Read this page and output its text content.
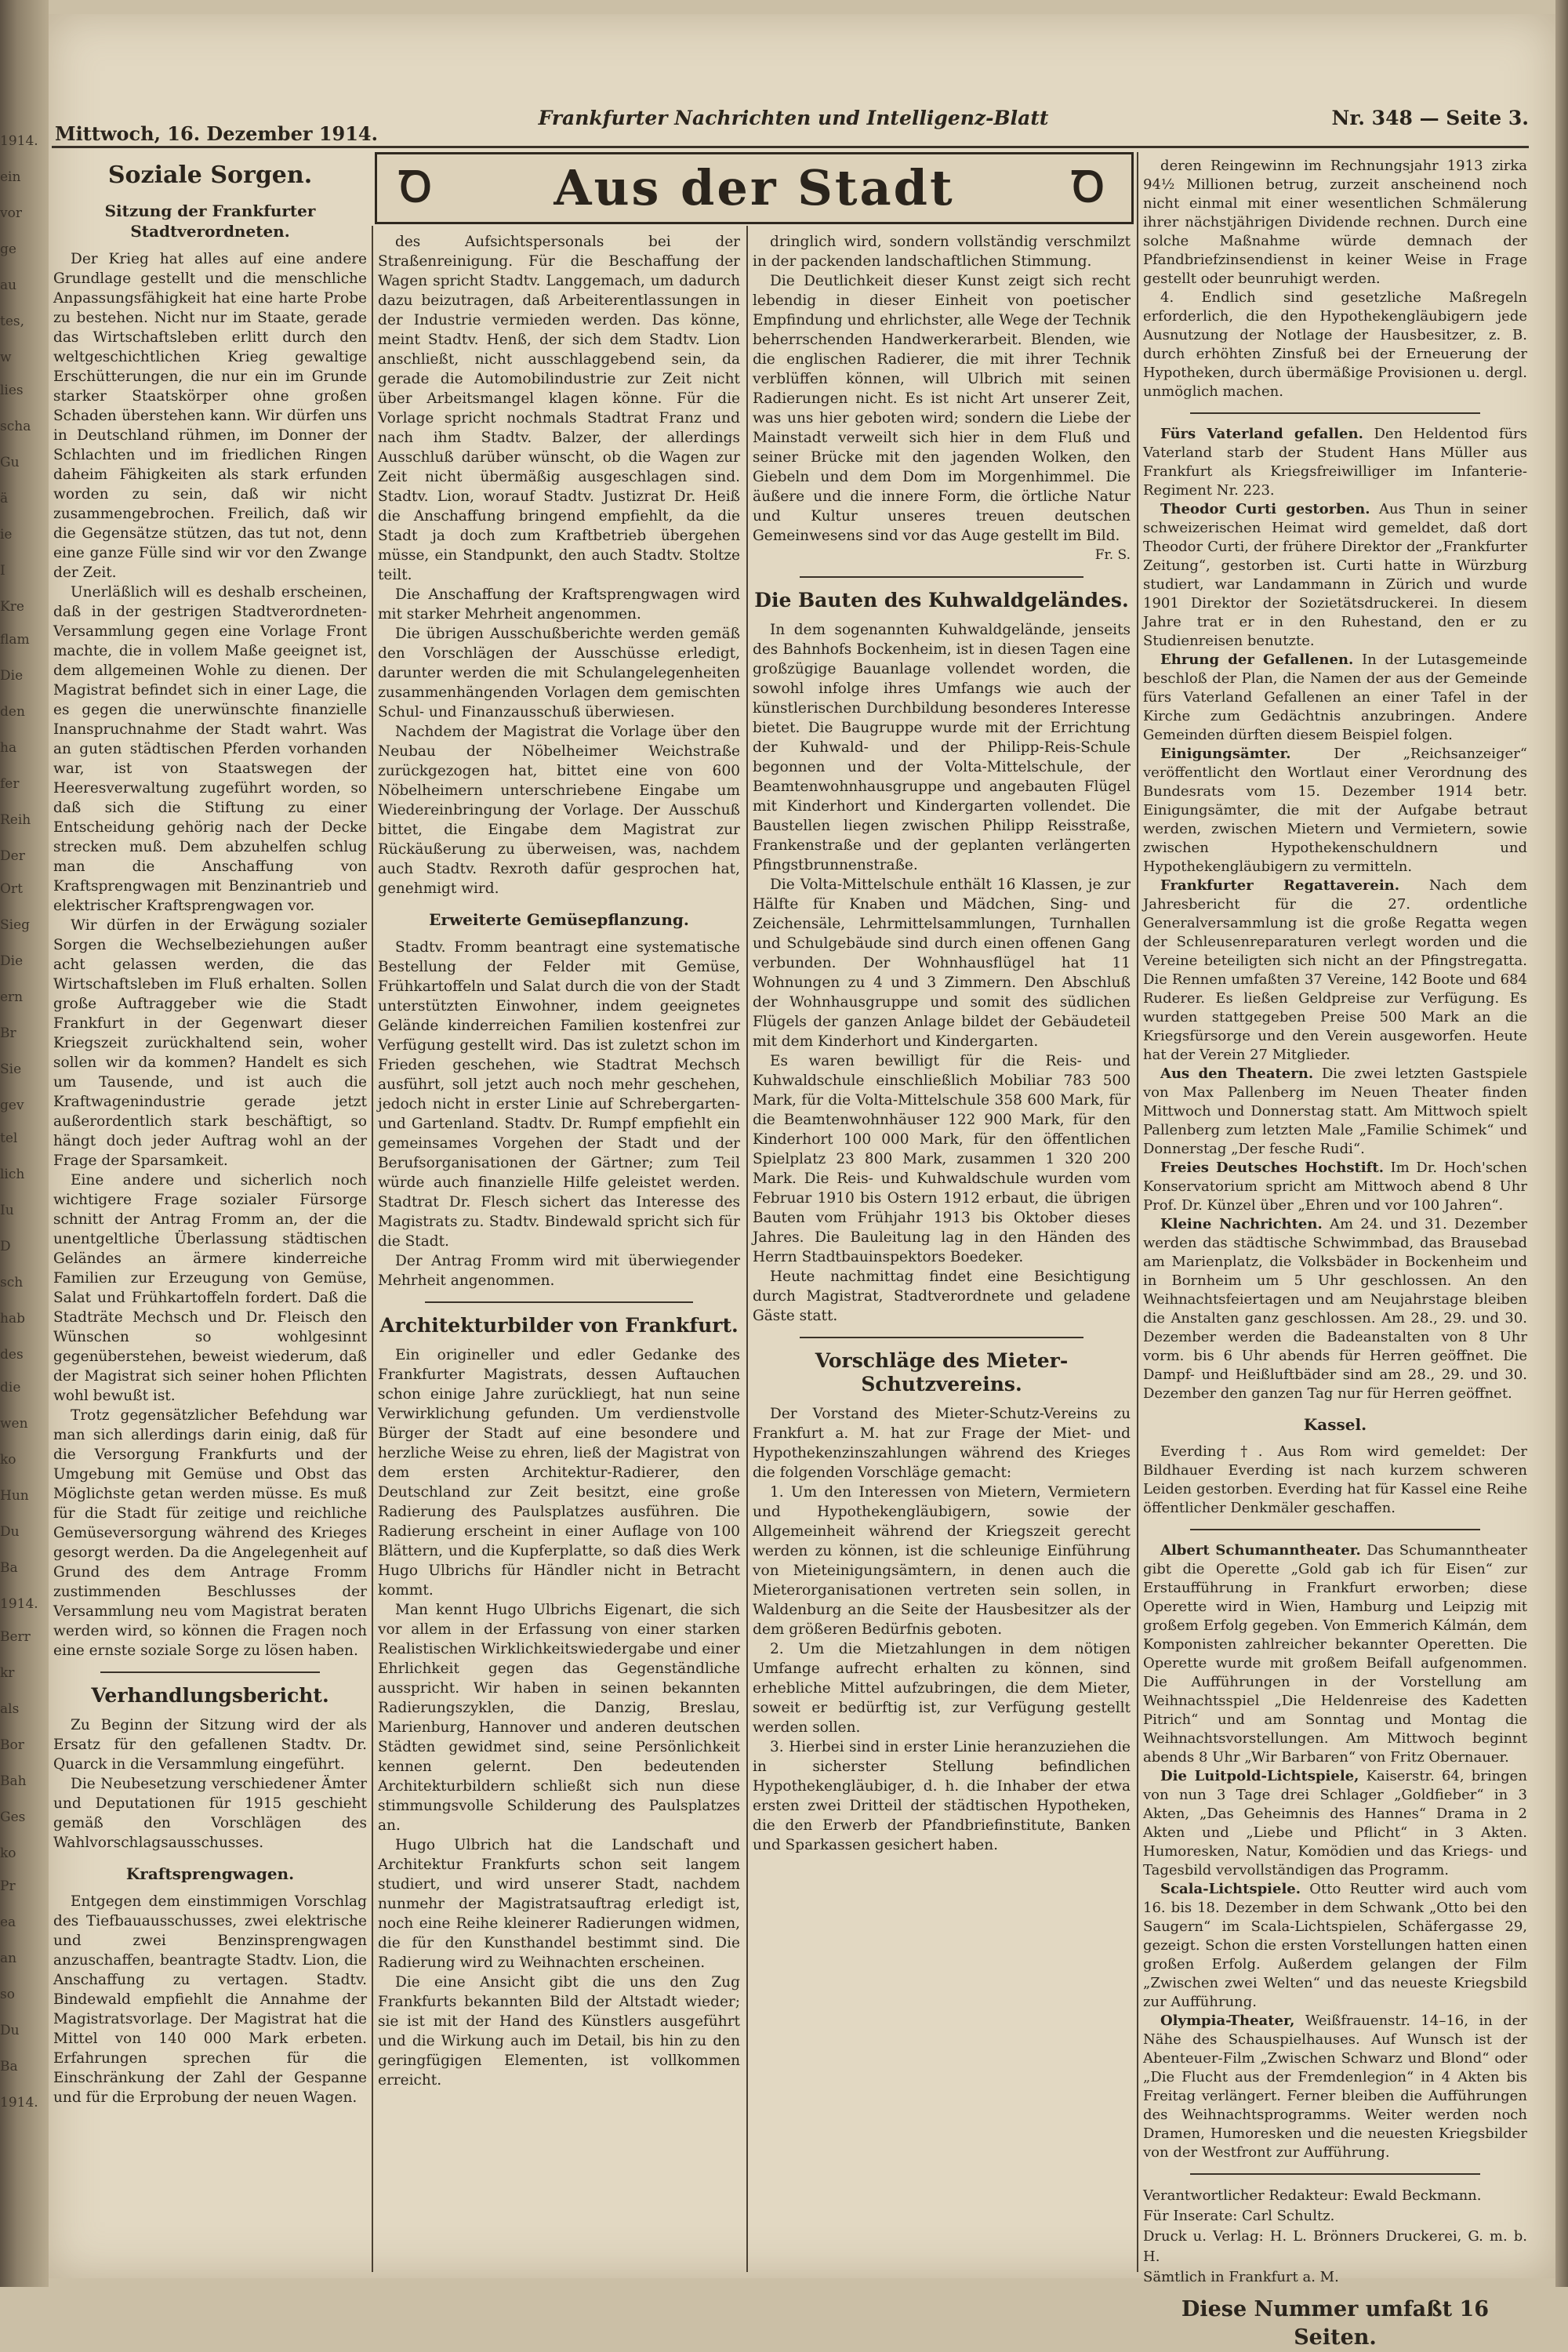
1914.
ein
vor
ge
au
tes,
w
lies
scha
Gu
ä
ie
I
Kre
flam
Die
den
ha
fer
Reih
Der
Ort
Sieg
Die
ern
Br
Sie
gev
tel
lich
Iu
D
sch
hab
des
die
wen
ko
Hun
Du
Ba
1914.
Berr
kr
als
Bor
Bah
Ges
ko
Pr
ea
an
so
Du
Ba
1914.
Mittwoch, 16. Dezember 1914.
Frankfurter Nachrichten und Intelligenz-Blatt	Nr. 348 — Seite 3.
Ꝺ	Aus der Stadt	Ꝺ
Soziale Sorgen.
Sitzung der Frankfurter Stadtverordneten.

Der Krieg hat alles auf eine andere Grundlage gestellt und die menschliche Anpassungsfähigkeit hat eine harte Probe zu bestehen. Nicht nur im Staate, gerade das Wirtschaftsleben erlitt durch den weltgeschichtlichen Krieg gewaltige Erschütterungen, die nur ein im Grunde starker Staatskörper ohne großen Schaden überstehen kann. Wir dürfen uns in Deutschland rühmen, im Donner der Schlachten und im friedlichen Ringen daheim Fähigkeiten als stark erfunden worden zu sein, daß wir nicht zusammengebrochen. Freilich, daß wir die Gegensätze stützen, das tut not, denn eine ganze Fülle sind wir vor den Zwange der Zeit.

Unerläßlich will es deshalb erscheinen, daß in der gestrigen Stadtverordneten-Versammlung gegen eine Vorlage Front machte, die in vollem Maße geeignet ist, dem allgemeinen Wohle zu dienen. Der Magistrat befindet sich in einer Lage, die es gegen die unerwünschte finanzielle Inanspruchnahme der Stadt wahrt. Was an guten städtischen Pferden vorhanden war, ist von Staatswegen der Heeresverwaltung zugeführt worden, so daß sich die Stiftung zu einer Entscheidung gehörig nach der Decke strecken muß. Dem abzuhelfen schlug man die Anschaffung von Kraftsprengwagen mit Benzinantrieb und elektrischer Kraftsprengwagen vor.

Wir dürfen in der Erwägung sozialer Sorgen die Wechselbeziehungen außer acht gelassen werden, die das Wirtschaftsleben im Fluß erhalten. Sollen große Auftraggeber wie die Stadt Frankfurt in der Gegenwart dieser Kriegszeit zurückhaltend sein, woher sollen wir da kommen? Handelt es sich um Tausende, und ist auch die Kraftwagenindustrie gerade jetzt außerordentlich stark beschäftigt, so hängt doch jeder Auftrag wohl an der Frage der Sparsamkeit.

Eine andere und sicherlich noch wichtigere Frage sozialer Fürsorge schnitt der Antrag Fromm an, der die unentgeltliche Überlassung städtischen Geländes an ärmere kinderreiche Familien zur Erzeugung von Gemüse, Salat und Frühkartoffeln fordert. Daß die Stadträte Mechsch und Dr. Fleisch den Wünschen so wohlgesinnt gegenüberstehen, beweist wiederum, daß der Magistrat sich seiner hohen Pflichten wohl bewußt ist.

Trotz gegensätzlicher Befehdung war man sich allerdings darin einig, daß für die Versorgung Frankfurts und der Umgebung mit Gemüse und Obst das Möglichste getan werden müsse. Es muß für die Stadt für zeitige und reichliche Gemüseversorgung während des Krieges gesorgt werden. Da die Angelegenheit auf Grund des dem Antrage Fromm zustimmenden Beschlusses der Versammlung neu vom Magistrat beraten werden wird, so können die Fragen noch eine ernste soziale Sorge zu lösen haben.

Verhandlungsbericht.

Zu Beginn der Sitzung wird der als Ersatz für den gefallenen Stadtv. Dr. Quarck in die Versammlung eingeführt.

Die Neubesetzung verschiedener Ämter und Deputationen für 1915 geschieht gemäß den Vorschlägen des Wahlvorschlagsausschusses.

Kraftsprengwagen.

Entgegen dem einstimmigen Vorschlag des Tiefbauausschusses, zwei elektrische und zwei Benzinsprengwagen anzuschaffen, beantragte Stadtv. Lion, die Anschaffung zu vertagen. Stadtv. Bindewald empfiehlt die Annahme der Magistratsvorlage. Der Magistrat hat die Mittel von 140 000 Mark erbeten. Erfahrungen sprechen für die Einschränkung der Zahl der Gespanne und für die Erprobung der neuen Wagen.

des Aufsichtspersonals bei der Straßenreinigung. Für die Beschaffung der Wagen spricht Stadtv. Langgemach, um dadurch dazu beizutragen, daß Arbeiterentlassungen in der Industrie vermieden werden. Das könne, meint Stadtv. Henß, der sich dem Stadtv. Lion anschließt, nicht ausschlaggebend sein, da gerade die Automobilindustrie zur Zeit nicht über Arbeitsmangel klagen könne. Für die Vorlage spricht nochmals Stadtrat Franz und nach ihm Stadtv. Balzer, der allerdings Ausschluß darüber wünscht, ob die Wagen zur Zeit nicht übermäßig ausgeschlagen sind. Stadtv. Lion, worauf Stadtv. Justizrat Dr. Heiß die Anschaffung bringend empfiehlt, da die Stadt ja doch zum Kraftbetrieb übergehen müsse, ein Standpunkt, den auch Stadtv. Stoltze teilt.

Die Anschaffung der Kraftsprengwagen wird mit starker Mehrheit angenommen.

Die übrigen Ausschußberichte werden gemäß den Vorschlägen der Ausschüsse erledigt, darunter werden die mit Schulangelegenheiten zusammenhängenden Vorlagen dem gemischten Schul- und Finanzausschuß überwiesen.

Nachdem der Magistrat die Vorlage über den Neubau der Nöbelheimer Weichstraße zurückgezogen hat, bittet eine von 600 Nöbelheimern unterschriebene Eingabe um Wiedereinbringung der Vorlage. Der Ausschuß bittet, die Eingabe dem Magistrat zur Rückäußerung zu überweisen, was, nachdem auch Stadtv. Rexroth dafür gesprochen hat, genehmigt wird.

Erweiterte Gemüsepflanzung.

Stadtv. Fromm beantragt eine systematische Bestellung der Felder mit Gemüse, Frühkartoffeln und Salat durch die von der Stadt unterstützten Einwohner, indem geeignetes Gelände kinderreichen Familien kostenfrei zur Verfügung gestellt wird. Das ist zuletzt schon im Frieden geschehen, wie Stadtrat Mechsch ausführt, soll jetzt auch noch mehr geschehen, jedoch nicht in erster Linie auf Schrebergarten- und Gartenland. Stadtv. Dr. Rumpf empfiehlt ein gemeinsames Vorgehen der Stadt und der Berufsorganisationen der Gärtner; zum Teil würde auch finanzielle Hilfe geleistet werden. Stadtrat Dr. Flesch sichert das Interesse des Magistrats zu. Stadtv. Bindewald spricht sich für die Stadt.

Der Antrag Fromm wird mit überwiegender Mehrheit angenommen.

Architekturbilder von Frankfurt.

Ein origineller und edler Gedanke des Frankfurter Magistrats, dessen Auftauchen schon einige Jahre zurückliegt, hat nun seine Verwirklichung gefunden. Um verdienstvolle Bürger der Stadt auf eine besondere und herzliche Weise zu ehren, ließ der Magistrat von dem ersten Architektur-Radierer, den Deutschland zur Zeit besitzt, eine große Radierung des Paulsplatzes ausführen. Die Radierung erscheint in einer Auflage von 100 Blättern, und die Kupferplatte, so daß dies Werk Hugo Ulbrichs für Händler nicht in Betracht kommt.

Man kennt Hugo Ulbrichs Eigenart, die sich vor allem in der Erfassung von einer starken Realistischen Wirklichkeitswiedergabe und einer Ehrlichkeit gegen das Gegenständliche ausspricht. Wir haben in seinen bekannten Radierungszyklen, die Danzig, Breslau, Marienburg, Hannover und anderen deutschen Städten gewidmet sind, seine Persönlichkeit kennen gelernt. Den bedeutenden Architekturbildern schließt sich nun diese stimmungsvolle Schilderung des Paulsplatzes an.

Hugo Ulbrich hat die Landschaft und Architektur Frankfurts schon seit langem studiert, und wird unserer Stadt, nachdem nunmehr der Magistratsauftrag erledigt ist, noch eine Reihe kleinerer Radierungen widmen, die für den Kunsthandel bestimmt sind. Die Radierung wird zu Weihnachten erscheinen.

Die eine Ansicht gibt die uns den Zug Frankfurts bekannten Bild der Altstadt wieder; sie ist mit der Hand des Künstlers ausgeführt und die Wirkung auch im Detail, bis hin zu den geringfügigen Elementen, ist vollkommen erreicht.

dringlich wird, sondern vollständig verschmilzt in der packenden landschaftlichen Stimmung.

Die Deutlichkeit dieser Kunst zeigt sich recht lebendig in dieser Einheit von poetischer Empfindung und ehrlichster, alle Wege der Technik beherrschenden Handwerkerarbeit. Blenden, wie die englischen Radierer, die mit ihrer Technik verblüffen können, will Ulbrich mit seinen Radierungen nicht. Es ist nicht Art unserer Zeit, was uns hier geboten wird; sondern die Liebe der Mainstadt verweilt sich hier in dem Fluß und seiner Brücke mit den jagenden Wolken, den Giebeln und dem Dom im Morgenhimmel. Die äußere und die innere Form, die örtliche Natur und Kultur unseres treuen deutschen Gemeinwesens sind vor das Auge gestellt im Bild.

Fr. S.
Die Bauten des Kuhwaldgeländes.

In dem sogenannten Kuhwaldgelände, jenseits des Bahnhofs Bockenheim, ist in diesen Tagen eine großzügige Bauanlage vollendet worden, die sowohl infolge ihres Umfangs wie auch der künstlerischen Durchbildung besonderes Interesse bietet. Die Baugruppe wurde mit der Errichtung der Kuhwald- und der Philipp-Reis-Schule begonnen und der Volta-Mittelschule, der Beamtenwohnhausgruppe und angebauten Flügel mit Kinderhort und Kindergarten vollendet. Die Baustellen liegen zwischen Philipp Reisstraße, Frankenstraße und der geplanten verlängerten Pfingstbrunnenstraße.

Die Volta-Mittelschule enthält 16 Klassen, je zur Hälfte für Knaben und Mädchen, Sing- und Zeichensäle, Lehrmittelsammlungen, Turnhallen und Schulgebäude sind durch einen offenen Gang verbunden. Der Wohnhausflügel hat 11 Wohnungen zu 4 und 3 Zimmern. Den Abschluß der Wohnhausgruppe und somit des südlichen Flügels der ganzen Anlage bildet der Gebäudeteil mit dem Kinderhort und Kindergarten.

Es waren bewilligt für die Reis- und Kuhwaldschule einschließlich Mobiliar 783 500 Mark, für die Volta-Mittelschule 358 600 Mark, für die Beamtenwohnhäuser 122 900 Mark, für den Kinderhort 100 000 Mark, für den öffentlichen Spielplatz 23 800 Mark, zusammen 1 320 200 Mark. Die Reis- und Kuhwaldschule wurden vom Februar 1910 bis Ostern 1912 erbaut, die übrigen Bauten vom Frühjahr 1913 bis Oktober dieses Jahres. Die Bauleitung lag in den Händen des Herrn Stadtbauinspektors Boedeker.

Heute nachmittag findet eine Besichtigung durch Magistrat, Stadtverordnete und geladene Gäste statt.

Vorschläge des Mieter-Schutzvereins.

Der Vorstand des Mieter-Schutz-Vereins zu Frankfurt a. M. hat zur Frage der Miet- und Hypothekenzinszahlungen während des Krieges die folgenden Vorschläge gemacht:

1. Um den Interessen von Mietern, Vermietern und Hypothekengläubigern, sowie der Allgemeinheit während der Kriegszeit gerecht werden zu können, ist die schleunige Einführung von Mieteinigungsämtern, in denen auch die Mieterorganisationen vertreten sein sollen, in Waldenburg an die Seite der Hausbesitzer als der dem größeren Bedürfnis geboten.

2. Um die Mietzahlungen in dem nötigen Umfange aufrecht erhalten zu können, sind erhebliche Mittel aufzubringen, die dem Mieter, soweit er bedürftig ist, zur Verfügung gestellt werden sollen.

3. Hierbei sind in erster Linie heranzuziehen die in sicherster Stellung befindlichen Hypothekengläubiger, d. h. die Inhaber der etwa ersten zwei Dritteil der städtischen Hypotheken, die den Erwerb der Pfandbriefinstitute, Banken und Sparkassen gesichert haben.

deren Reingewinn im Rechnungsjahr 1913 zirka 94½ Millionen betrug, zurzeit anscheinend noch nicht einmal mit einer wesentlichen Schmälerung ihrer nächstjährigen Dividende rechnen. Durch eine solche Maßnahme würde demnach der Pfandbriefzinsendienst in keiner Weise in Frage gestellt oder beunruhigt werden.

4. Endlich sind gesetzliche Maßregeln erforderlich, die den Hypothekengläubigern jede Ausnutzung der Notlage der Hausbesitzer, z. B. durch erhöhten Zinsfuß bei der Erneuerung der Hypotheken, durch übermäßige Provisionen u. dergl. unmöglich machen.

Fürs Vaterland gefallen. Den Heldentod fürs Vaterland starb der Student Hans Müller aus Frankfurt als Kriegsfreiwilliger im Infanterie-Regiment Nr. 223.

Theodor Curti gestorben. Aus Thun in seiner schweizerischen Heimat wird gemeldet, daß dort Theodor Curti, der frühere Direktor der „Frankfurter Zeitung“, gestorben ist. Curti hatte in Würzburg studiert, war Landammann in Zürich und wurde 1901 Direktor der Sozietätsdruckerei. In diesem Jahre trat er in den Ruhestand, den er zu Studienreisen benutzte.

Ehrung der Gefallenen. In der Lutasgemeinde beschloß der Plan, die Namen der aus der Gemeinde fürs Vaterland Gefallenen an einer Tafel in der Kirche zum Gedächtnis anzubringen. Andere Gemeinden dürften diesem Beispiel folgen.

Einigungsämter.	Der „Reichsanzeiger“ veröffentlicht den Wortlaut einer Verordnung des Bundesrats vom 15. Dezember 1914 betr. Einigungsämter, die mit der Aufgabe betraut werden, zwischen Mietern und Vermietern, sowie zwischen Hypothekenschuldnern und Hypothekengläubigern zu vermitteln.

Frankfurter Regattaverein. Nach dem Jahresbericht für die 27. ordentliche Generalversammlung ist die große Regatta wegen der Schleusenreparaturen verlegt worden und die Vereine beteiligten sich nicht an der Pfingstregatta. Die Rennen umfaßten 37 Vereine, 142 Boote und 684 Ruderer. Es ließen Geldpreise zur Verfügung. Es wurden stattgegeben Preise 500 Mark an die Kriegsfürsorge und den Verein ausgeworfen. Heute hat der Verein 27 Mitglieder.

Aus den Theatern. Die zwei letzten Gastspiele von Max Pallenberg im Neuen Theater finden Mittwoch und Donnerstag statt. Am Mittwoch spielt Pallenberg zum letzten Male „Familie Schimek“ und Donnerstag „Der fesche Rudi“.

Freies Deutsches Hochstift. Im Dr. Hoch'schen Konservatorium spricht am Mittwoch abend 8 Uhr Prof. Dr. Künzel über „Ehren und vor 100 Jahren“.

Kleine Nachrichten. Am 24. und 31. Dezember werden das städtische Schwimmbad, das Brausebad am Marienplatz, die Volksbäder in Bockenheim und in Bornheim um 5 Uhr geschlossen. An den Weihnachtsfeiertagen und am Neujahrstage bleiben die Anstalten ganz geschlossen. Am 28., 29. und 30. Dezember werden die Badeanstalten von 8 Uhr vorm. bis 6 Uhr abends für Herren geöffnet. Die Dampf- und Heißluftbäder sind am 28., 29. und 30. Dezember den ganzen Tag nur für Herren geöffnet.

Kassel.

Everding †. Aus Rom wird gemeldet: Der Bildhauer Everding ist nach kurzem schweren Leiden gestorben. Everding hat für Kassel eine Reihe öffentlicher Denkmäler geschaffen.

Albert Schumanntheater. Das Schumanntheater gibt die Operette „Gold gab ich für Eisen“ zur Erstaufführung in Frankfurt erworben; diese Operette wird in Wien, Hamburg und Leipzig mit großem Erfolg gegeben. Von Emmerich Kálmán, dem Komponisten zahlreicher bekannter Operetten. Die Operette wurde mit großem Beifall aufgenommen. Die Aufführungen in der Vorstellung am Weihnachtsspiel „Die Heldenreise des Kadetten Pitrich“ und am Sonntag und Montag die Weihnachtsvorstellungen. Am Mittwoch beginnt abends 8 Uhr „Wir Barbaren“ von Fritz Obernauer.

Die Luitpold-Lichtspiele, Kaiserstr. 64, bringen von nun 3 Tage drei Schlager „Goldfieber“ in 3 Akten, „Das Geheimnis des Hannes“ Drama in 2 Akten und „Liebe und Pflicht“ in 3 Akten. Humoresken, Natur, Komödien und das Kriegs- und Tagesbild vervollständigen das Programm.

Scala-Lichtspiele. Otto Reutter wird auch vom 16. bis 18. Dezember in dem Schwank „Otto bei den Saugern“ im Scala-Lichtspielen, Schäfergasse 29, gezeigt. Schon die ersten Vorstellungen hatten einen großen Erfolg. Außerdem gelangen der Film „Zwischen zwei Welten“ und das neueste Kriegsbild zur Aufführung.

Olympia-Theater, Weißfrauenstr. 14–16, in der Nähe des Schauspielhauses. Auf Wunsch ist der Abenteuer-Film „Zwischen Schwarz und Blond“ oder „Die Flucht aus der Fremdenlegion“ in 4 Akten bis Freitag verlängert. Ferner bleiben die Aufführungen des Weihnachtsprogramms. Weiter werden noch Dramen, Humoresken und die neuesten Kriegsbilder von der Westfront zur Aufführung.

Verantwortlicher Redakteur: Ewald Beckmann.
Für Inserate: Carl Schultz.
Druck u. Verlag: H. L. Brönners Druckerei, G. m. b. H.
Sämtlich in Frankfurt a. M.
Diese Nummer umfaßt 16 Seiten.
